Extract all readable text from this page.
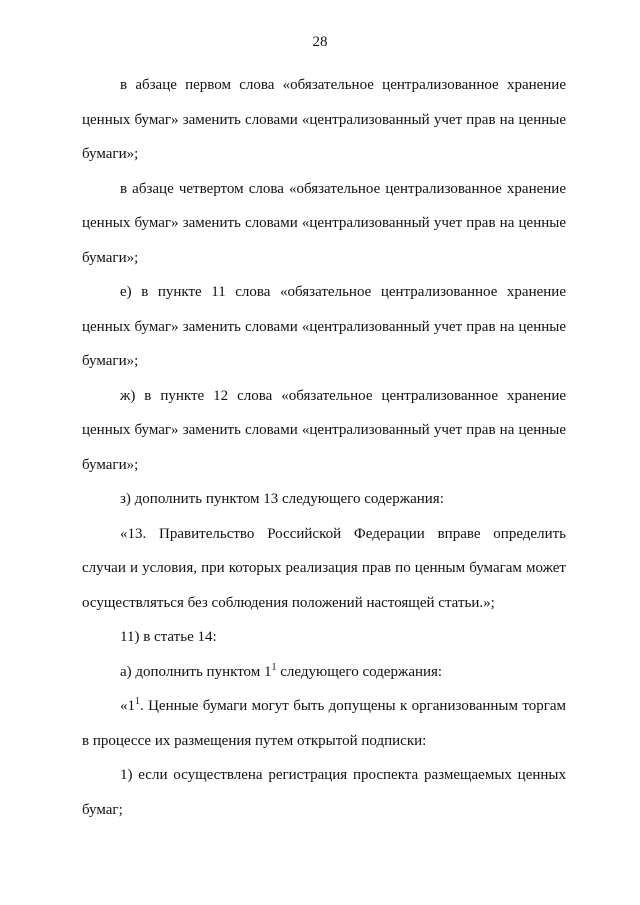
28

в абзаце первом слова «обязательное централизованное хранение ценных бумаг» заменить словами «централизованный учет прав на ценные бумаги»;

в абзаце четвертом слова «обязательное централизованное хранение ценных бумаг» заменить словами «централизованный учет прав на ценные бумаги»;

е) в пункте 11 слова «обязательное централизованное хранение ценных бумаг» заменить словами «централизованный учет прав на ценные бумаги»;

ж) в пункте 12 слова «обязательное централизованное хранение ценных бумаг» заменить словами «централизованный учет прав на ценные бумаги»;

з) дополнить пунктом 13 следующего содержания:

«13. Правительство Российской Федерации вправе определить случаи и условия, при которых реализация прав по ценным бумагам может осуществляться без соблюдения положений настоящей статьи.»;

11) в статье 14:

а) дополнить пунктом $1^1$ следующего содержания:

«$1^1$. Ценные бумаги могут быть допущены к организованным торгам в процессе их размещения путем открытой подписки:

1) если осуществлена регистрация проспекта размещаемых ценных бумаг;
